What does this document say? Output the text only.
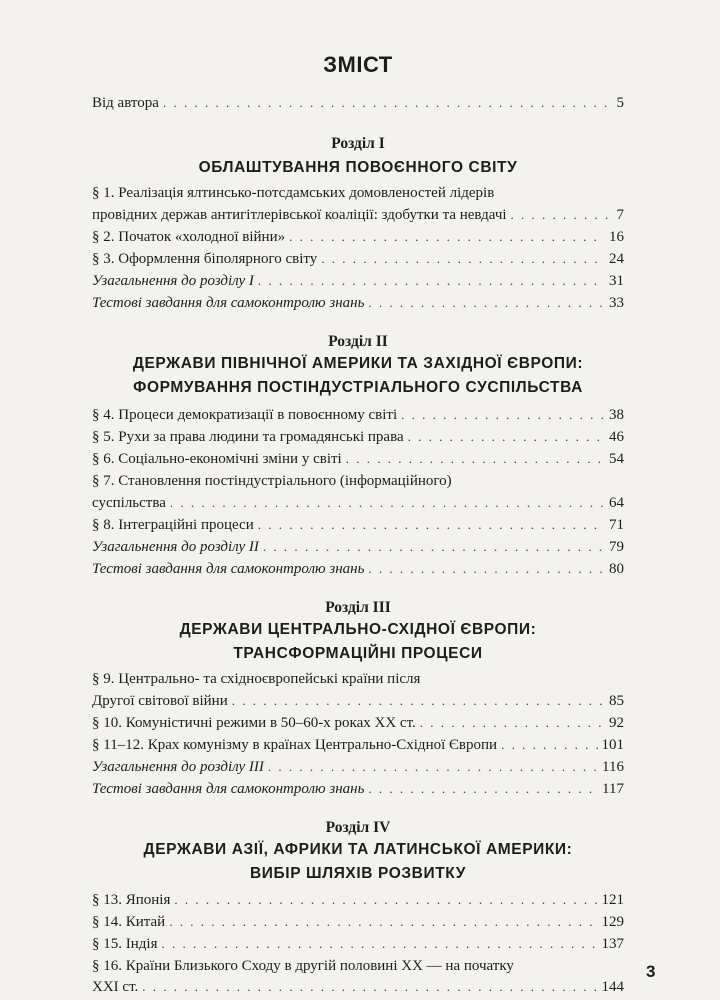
ЗМІСТ
Від автора . . .	5
Розділ І
ОБЛАШТУВАННЯ ПОВОЄННОГО СВІТУ
§ 1. Реалізація ялтинсько-потсдамських домовленостей лідерів
провідних держав антигітлерівської коаліції: здобутки та невдачі . . .	7
§ 2. Початок «холодної війни» . . .	16
§ 3. Оформлення біполярного світу . . .	24
Узагальнення до розділу І . . .	31
Тестові завдання для самоконтролю знань . . .	33
Розділ ІІ
ДЕРЖАВИ ПІВНІЧНОЇ АМЕРИКИ ТА ЗАХІДНОЇ ЄВРОПИ:
ФОРМУВАННЯ ПОСТІНДУСТРІАЛЬНОГО СУСПІЛЬСТВА
§ 4. Процеси демократизації в повоєнному світі . . .	38
§ 5. Рухи за права людини та громадянські права . . .	46
§ 6. Соціально-економічні зміни у світі . . .	54
§ 7. Становлення постіндустріального (інформаційного)
суспільства . . .	64
§ 8. Інтеграційні процеси . . .	71
Узагальнення до розділу ІІ . . .	79
Тестові завдання для самоконтролю знань . . .	80
Розділ ІІІ
ДЕРЖАВИ ЦЕНТРАЛЬНО-СХІДНОЇ ЄВРОПИ:
ТРАНСФОРМАЦІЙНІ ПРОЦЕСИ
§ 9. Центрально- та східноєвропейські країни після
Другої світової війни . . .	85
§ 10. Комуністичні режими в 50–60-х роках ХХ ст. . . .	92
§ 11–12. Крах комунізму в країнах Центрально-Східної Європи . . .	101
Узагальнення до розділу ІІІ . . .	116
Тестові завдання для самоконтролю знань . . .	117
Розділ IV
ДЕРЖАВИ АЗІЇ, АФРИКИ ТА ЛАТИНСЬКОЇ АМЕРИКИ:
ВИБІР ШЛЯХІВ РОЗВИТКУ
§ 13. Японія . . .	121
§ 14. Китай . . .	129
§ 15. Індія . . .	137
§ 16. Країни Близького Сходу в другій половині ХХ — на початку
ХХІ ст. . . .	144
3
